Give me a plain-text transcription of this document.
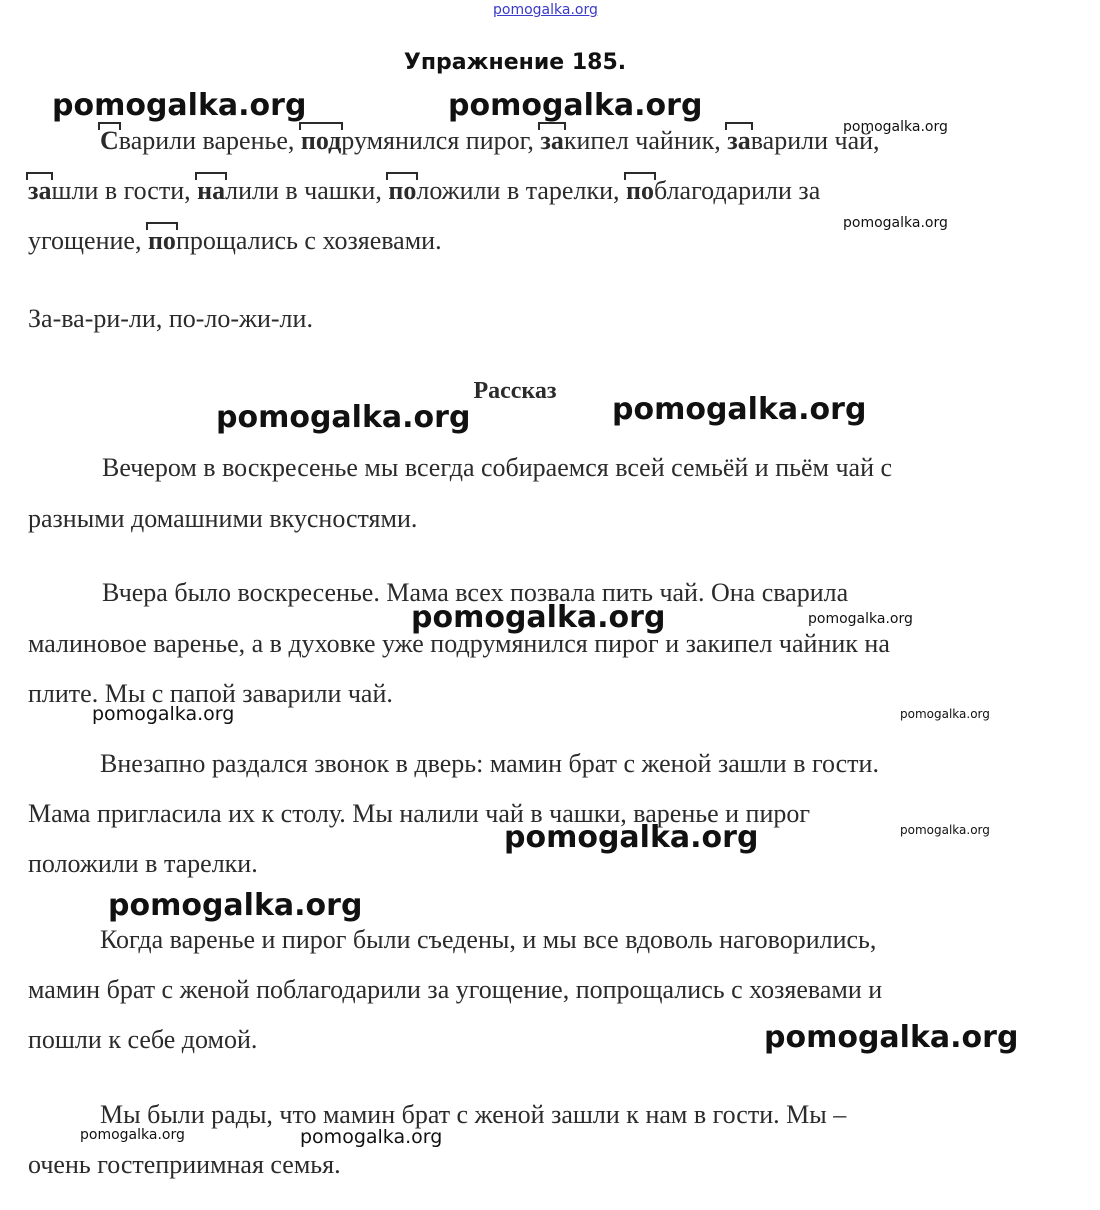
pomogalka.org
Упражнение 185.
Сварили варенье, подрумянился пирог, закипел чайник, заварили чай,
зашли в гости, налили в чашки, положили в тарелки, поблагодарили за
угощение, попрощались с хозяевами.
За-ва-ри-ли, по-ло-жи-ли.
Рассказ
Вечером в воскресенье мы всегда собираемся всей семьёй и пьём чай с
разными домашними вкусностями.
Вчера было воскресенье. Мама всех позвала пить чай. Она сварила
малиновое варенье, а в духовке уже подрумянился пирог и закипел чайник на
плите. Мы с папой заварили чай.
Внезапно раздался звонок в дверь: мамин брат с женой зашли в гости.
Мама пригласила их к столу. Мы налили чай в чашки, варенье и пирог
положили в тарелки.
Когда варенье и пирог были съедены, и мы все вдоволь наговорились,
мамин брат с женой поблагодарили за угощение, попрощались с хозяевами и
пошли к себе домой.
Мы были рады, что мамин брат с женой зашли к нам в гости. Мы –
очень гостеприимная семья.
pomogalka.org	pomogalka.org
pomogalka.org	pomogalka.org
pomogalka.org
pomogalka.org
pomogalka.org
pomogalka.org
pomogalka.org
pomogalka.org
pomogalka.org
pomogalka.org	pomogalka.org
pomogalka.org
pomogalka.org	pomogalka.org
